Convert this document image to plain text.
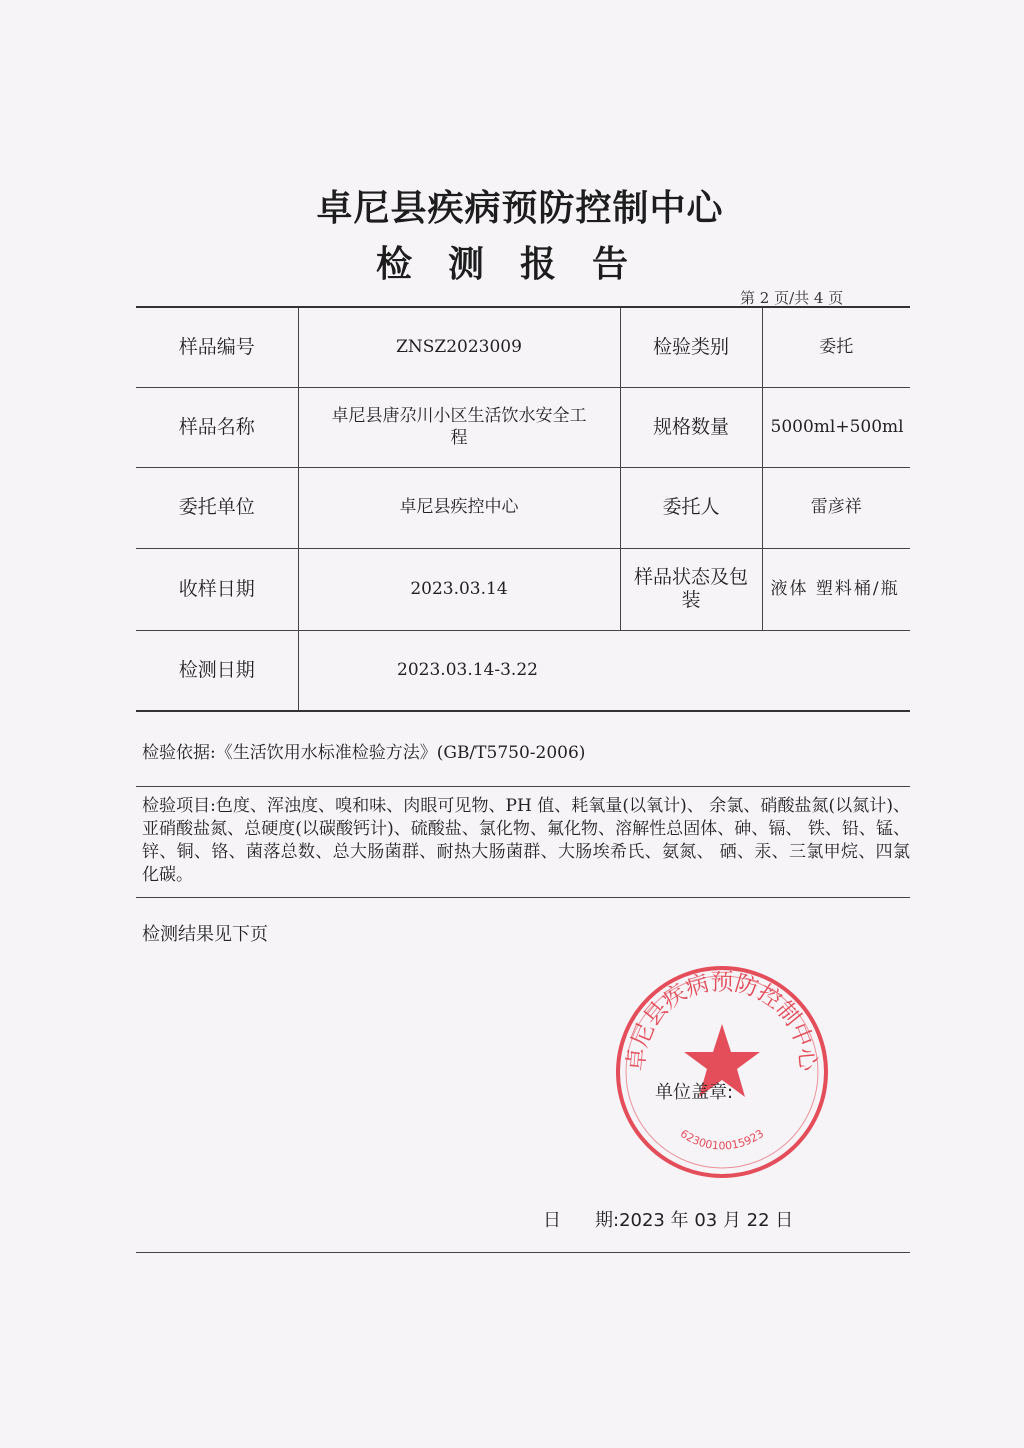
卓尼县疾病预防控制中心
检测报告
第 2 页/共 4 页
样品编号	ZNSZ2023009	检验类别	委托
样品名称	卓尼县唐尕川小区生活饮水安全工程	规格数量	5000ml+500ml
委托单位	卓尼县疾控中心	委托人	雷彦祥
收样日期	2023.03.14	样品状态及包装	液体 塑料桶/瓶

检测日期	2023.03.14-3.22		
检验依据:《生活饮用水标准检验方法》(GB/T5750-2006)
检验项目:色度、浑浊度、嗅和味、肉眼可见物、PH 值、耗氧量(以氧计)、 余氯、硝酸盐氮(以氮计)、亚硝酸盐氮、总硬度(以碳酸钙计)、硫酸盐、氯化物、氟化物、溶解性总固体、砷、镉、 铁、铅、锰、锌、铜、铬、菌落总数、总大肠菌群、耐热大肠菌群、大肠埃希氏、氨氮、 硒、汞、三氯甲烷、四氯化碳。
检测结果见下页
卓尼县疾病预防控制中心
6230010015923
单位盖章:
日 期:2023 年 03 月 22 日
